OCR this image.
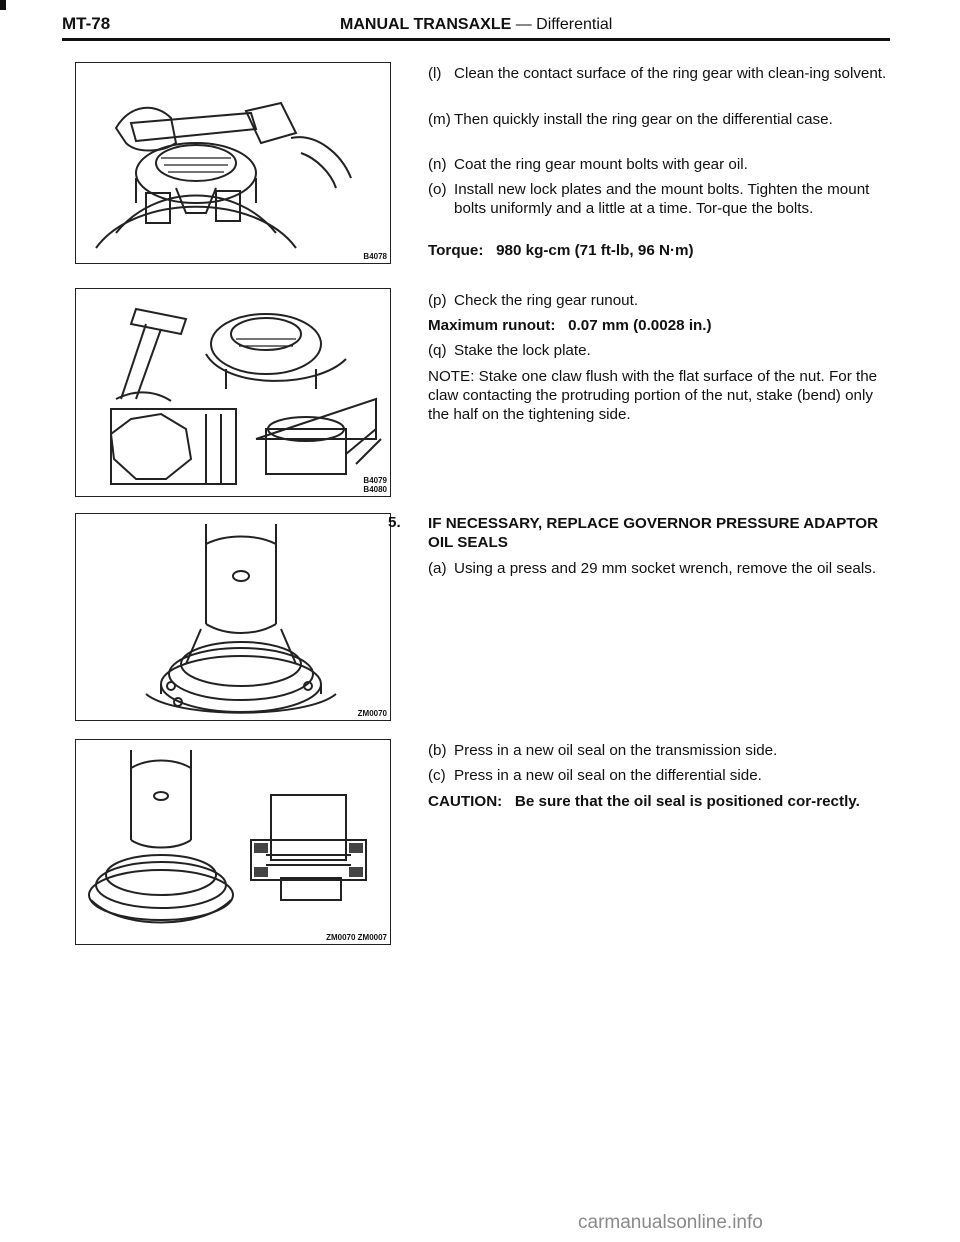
MT-78	MANUAL TRANSAXLE — Differential
B4078
B4079
B4080
ZM0070
ZM0070 ZM0007
(l) Clean the contact surface of the ring gear with clean-ing solvent.
(m) Then quickly install the ring gear on the differential case.
(n) Coat the ring gear mount bolts with gear oil.
(o) Install new lock plates and the mount bolts. Tighten the mount bolts uniformly and a little at a time. Tor-que the bolts.
Torque: 980 kg-cm (71 ft-lb, 96 N·m)
(p) Check the ring gear runout.
Maximum runout: 0.07 mm (0.0028 in.)
(q) Stake the lock plate.
NOTE: Stake one claw flush with the flat surface of the nut. For the claw contacting the protruding portion of the nut, stake (bend) only the half on the tightening side.
5. IF NECESSARY, REPLACE GOVERNOR PRESSURE ADAPTOR OIL SEALS
(a) Using a press and 29 mm socket wrench, remove the oil seals.
(b) Press in a new oil seal on the transmission side.
(c) Press in a new oil seal on the differential side.
CAUTION: Be sure that the oil seal is positioned cor-rectly.
carmanualsonline.info
